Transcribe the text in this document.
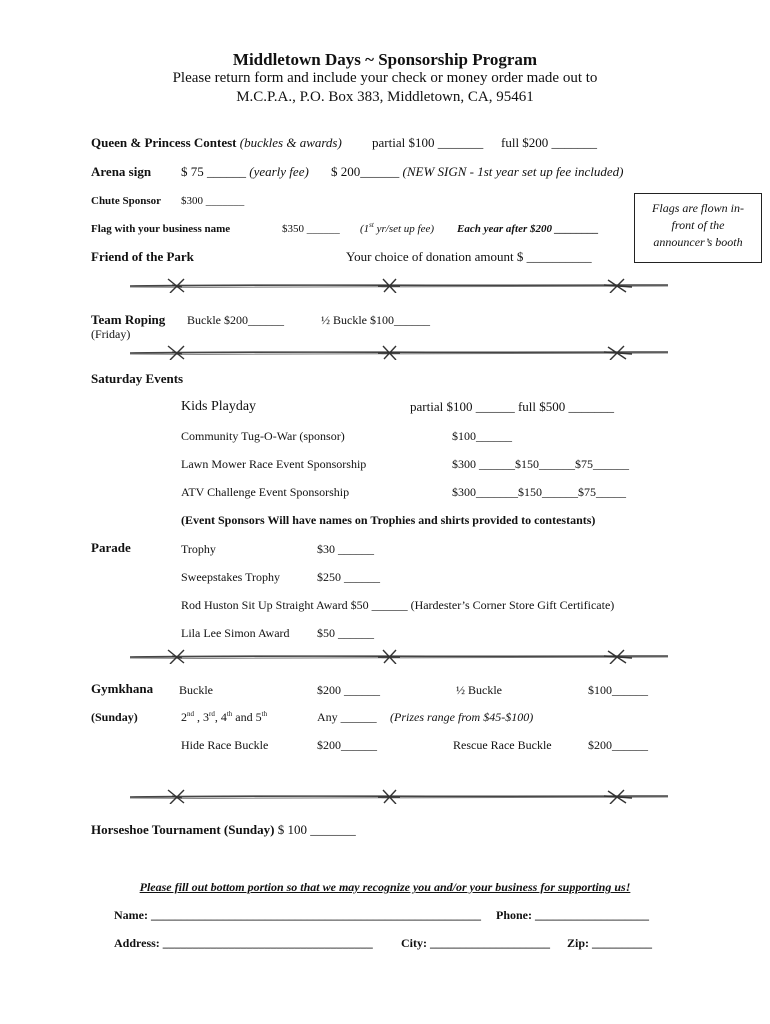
Middletown Days ~ Sponsorship Program
Please return form and include your check or money order made out to
M.C.P.A., P.O. Box 383, Middletown, CA, 95461
Queen & Princess Contest (buckles & awards) partial $100 _______ full $200 _______
Arena sign $ 75 ______ (yearly fee) $ 200______ (NEW SIGN - 1st year set up fee included)
Chute Sponsor $300 _______
Flag with your business name	$350 ______ (1st yr/set up fee) Each year after $200 ________
Flags are flown in-
front of the
announcer’s booth
Friend of the Park	Your choice of donation amount $ __________
Team Roping
(Friday)
Buckle $200______	½ Buckle $100______
Saturday Events
Kids Playday	partial $100 ______ full $500 _______
Community Tug-O-War (sponsor)	$100______
Lawn Mower Race Event Sponsorship	$300 ______$150______$75______
ATV Challenge Event Sponsorship	$300_______$150______$75_____
(Event Sponsors Will have names on Trophies and shirts provided to contestants)
Parade	Trophy	$30 ______
Sweepstakes Trophy	$250 ______
Rod Huston Sit Up Straight Award $50 ______ (Hardester’s Corner Store Gift Certificate)
Lila Lee Simon Award $50 ______
Gymkhana Buckle	$200 ______	½ Buckle	$100______
(Sunday)	2nd , 3rd, 4th and 5th	Any ______ (Prizes range from $45-$100)
Hide Race Buckle	$200______	Rescue Race Buckle	$200______
Horseshoe Tournament (Sunday) $ 100 _______
Please fill out bottom portion so that we may recognize you and/or your business for supporting us!
Name: _______________________________________________________ Phone: ___________________
Address: ___________________________________ City: ____________________ Zip: __________
